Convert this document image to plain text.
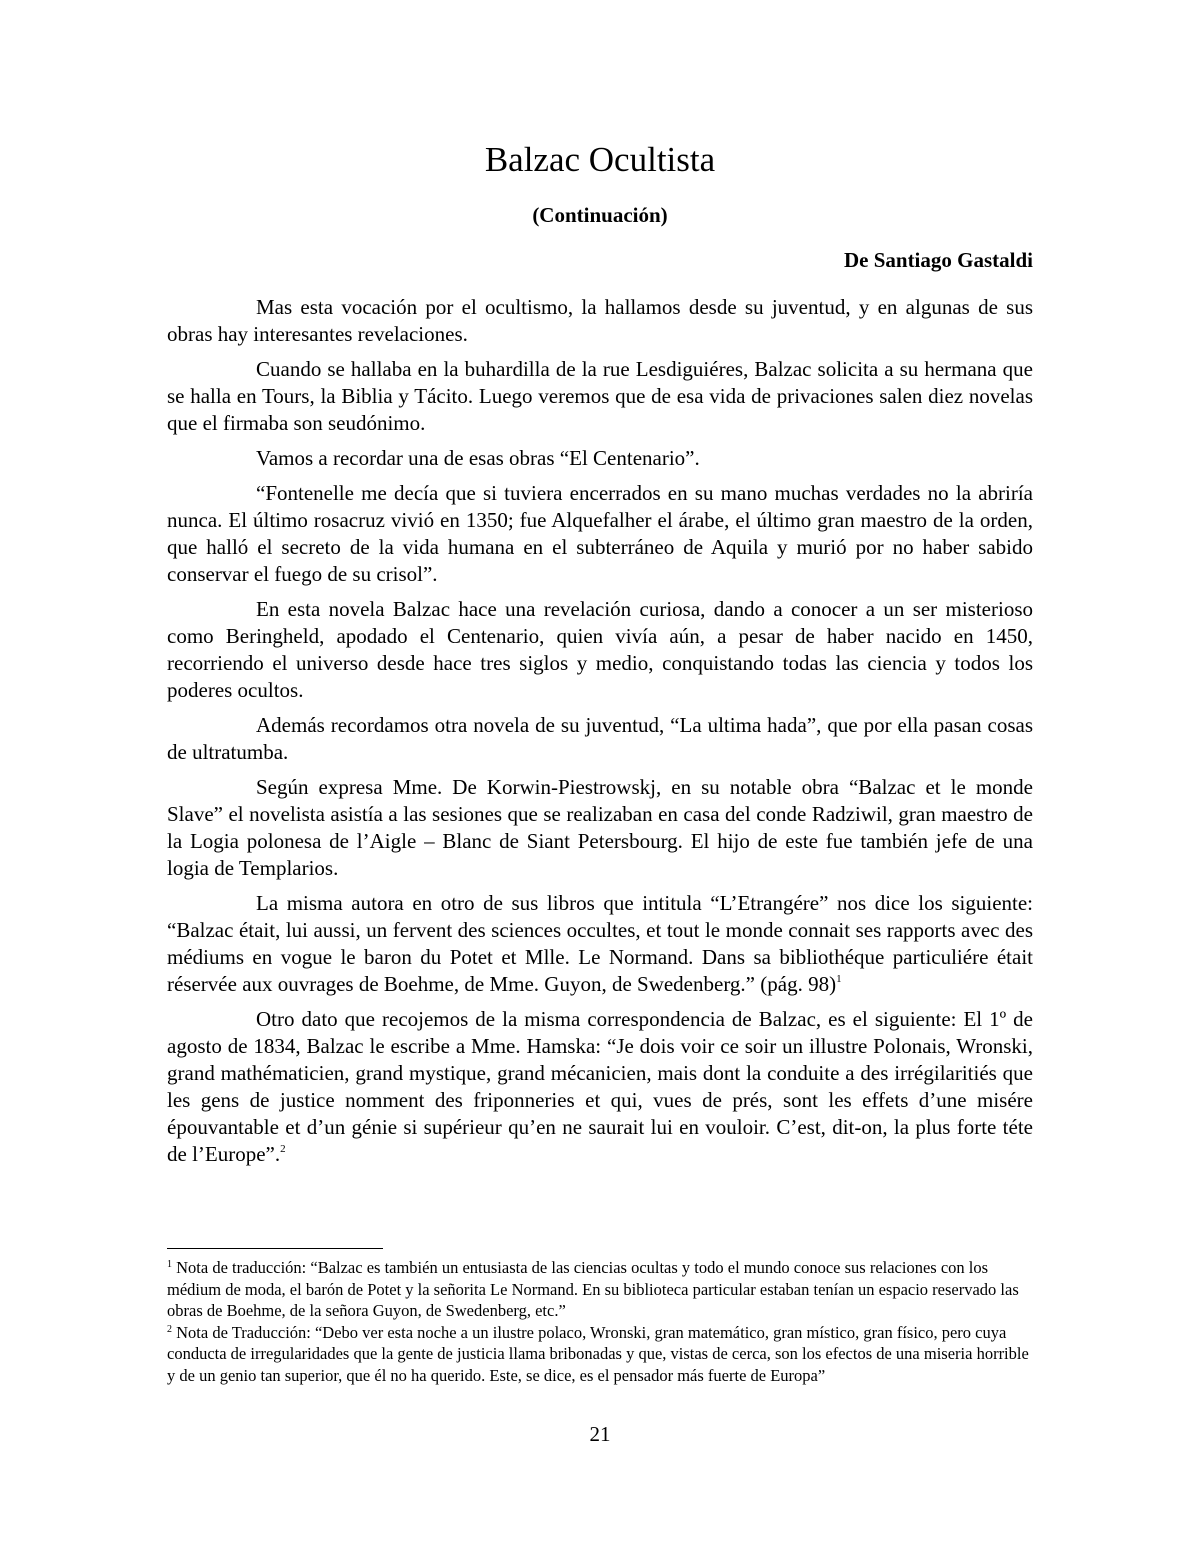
Balzac Ocultista
(Continuación)
De Santiago Gastaldi

Mas esta vocación por el ocultismo, la hallamos desde su juventud, y en algunas de sus obras hay interesantes revelaciones.

Cuando se hallaba en la buhardilla de la rue Lesdiguiéres, Balzac solicita a su hermana que se halla en Tours, la Biblia y Tácito. Luego veremos que de esa vida de privaciones salen diez novelas que el firmaba son seudónimo.

Vamos a recordar una de esas obras “El Centenario”.

“Fontenelle me decía que si tuviera encerrados en su mano muchas verdades no la abriría nunca. El último rosacruz vivió en 1350; fue Alquefalher el árabe, el último gran maestro de la orden, que halló el secreto de la vida humana en el subterráneo de Aquila y murió por no haber sabido conservar el fuego de su crisol”.

En esta novela Balzac hace una revelación curiosa, dando a conocer a un ser misterioso como Beringheld, apodado el Centenario, quien vivía aún, a pesar de haber nacido en 1450, recorriendo el universo desde hace tres siglos y medio, conquistando todas las ciencia y todos los poderes ocultos.

Además recordamos otra novela de su juventud, “La ultima hada”, que por ella pasan cosas de ultratumba.

Según expresa Mme. De Korwin-Piestrowskj, en su notable obra “Balzac et le monde Slave” el novelista asistía a las sesiones que se realizaban en casa del conde Radziwil, gran maestro de la Logia polonesa de l’Aigle – Blanc de Siant Petersbourg. El hijo de este fue también jefe de una logia de Templarios.

La misma autora en otro de sus libros que intitula “L’Etrangére” nos dice los siguiente: “Balzac était, lui aussi, un fervent des sciences occultes, et tout le monde connait ses rapports avec des médiums en vogue le baron du Potet et Mlle. Le Normand. Dans sa bibliothéque particuliére était réservée aux ouvrages de Boehme, de Mme. Guyon, de Swedenberg.” (pág. 98)$^1$

Otro dato que recojemos de la misma correspondencia de Balzac, es el siguiente: El 1º de agosto de 1834, Balzac le escribe a Mme. Hamska: “Je dois voir ce soir un illustre Polonais, Wronski, grand mathématicien, grand mystique, grand mécanicien, mais dont la conduite a des irrégilaritiés que les gens de justice nomment des friponneries et qui, vues de prés, sont les effets d’une misére épouvantable et d’un génie si supérieur qu’en ne saurait lui en vouloir. C’est, dit-on, la plus forte téte de l’Europe”.$^2$

$^1$ Nota de traducción: “Balzac es también un entusiasta de las ciencias ocultas y todo el mundo conoce sus relaciones con los médium de moda, el barón de Potet y la señorita Le Normand. En su biblioteca particular estaban tenían un espacio reservado las obras de Boehme, de la señora Guyon, de Swedenberg, etc.”

$^2$ Nota de Traducción: “Debo ver esta noche a un ilustre polaco, Wronski, gran matemático, gran místico, gran físico, pero cuya conducta de irregularidades que la gente de justicia llama bribonadas y que, vistas de cerca, son los efectos de una miseria horrible y de un genio tan superior, que él no ha querido. Este, se dice, es el pensador más fuerte de Europa”

21
